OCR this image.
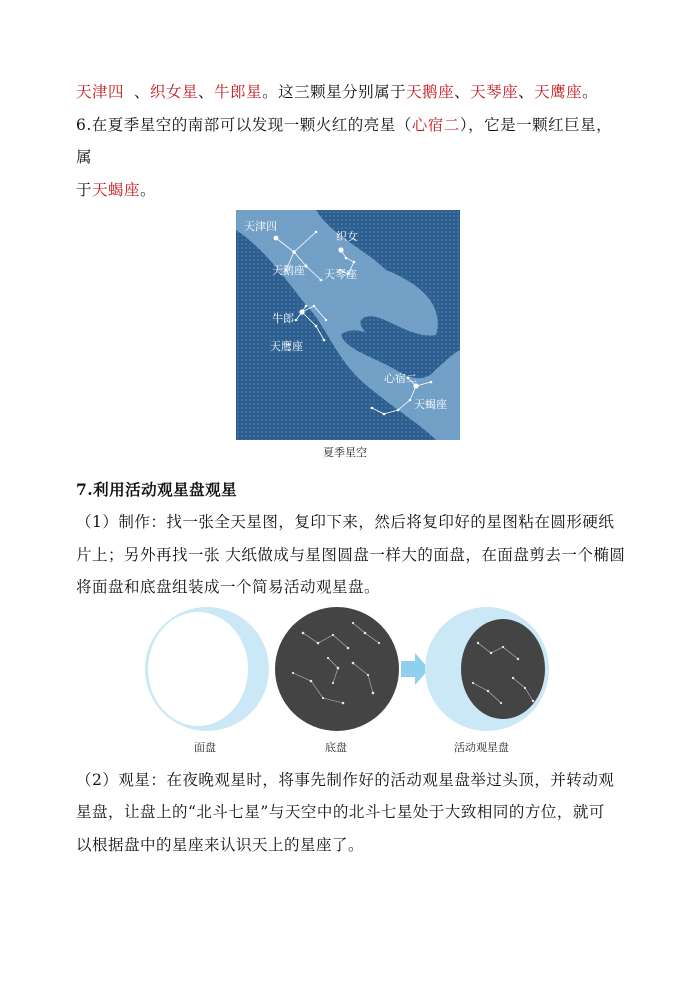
天津四 、织女星、牛郎星。这三颗星分别属于天鹅座、天琴座、天鹰座。
6.在夏季星空的南部可以发现一颗火红的亮星（心宿二），它是一颗红巨星，
属
于天蝎座。
天津四
织女
天鹅座 天琴座
牛郎
天鹰座
心宿二
天蝎座
夏季星空
7.利用活动观星盘观星
（1）制作：找一张全天星图，复印下来，然后将复印好的星图粘在圆形硬纸
片上；另外再找一张 大纸做成与星图圆盘一样大的面盘，在面盘剪去一个椭圆
将面盘和底盘组装成一个简易活动观星盘。
面盘	底盘	活动观星盘
（2）观星：在夜晚观星时，将事先制作好的活动观星盘举过头顶，并转动观
星盘，让盘上的“北斗七星”与天空中的北斗七星处于大致相同的方位，就可
以根据盘中的星座来认识天上的星座了。
